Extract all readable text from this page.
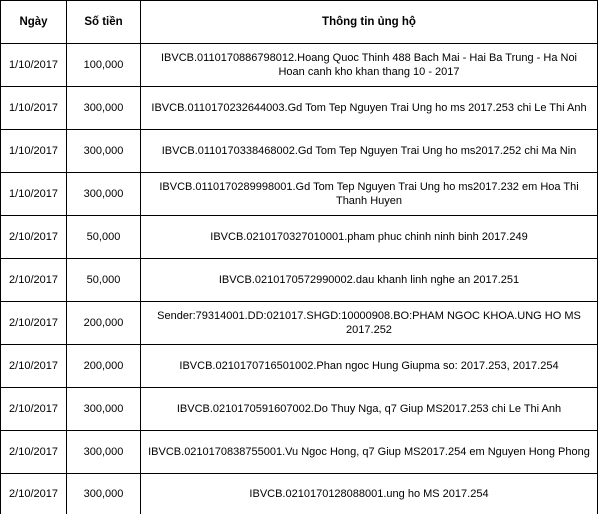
Ngày	Số tiền	Thông tin ủng hộ
1/10/2017	100,000	IBVCB.0110170886798012.Hoang Quoc Thinh 488 Bach Mai - Hai Ba Trung - Ha Noi Hoan canh kho khan thang 10 - 2017
1/10/2017	300,000	IBVCB.0110170232644003.Gd Tom Tep Nguyen Trai Ung ho ms 2017.253 chi Le Thi Anh
1/10/2017	300,000	IBVCB.0110170338468002.Gd Tom Tep Nguyen Trai Ung ho ms2017.252 chi Ma Nin
1/10/2017	300,000	IBVCB.0110170289998001.Gd Tom Tep Nguyen Trai Ung ho ms2017.232 em Hoa Thi Thanh Huyen
2/10/2017	50,000	IBVCB.0210170327010001.pham phuc chinh ninh binh 2017.249
2/10/2017	50,000	IBVCB.0210170572990002.dau khanh linh nghe an 2017.251
2/10/2017	200,000	Sender:79314001.DD:021017.SHGD:10000908.BO:PHAM NGOC KHOA.UNG HO MS 2017.252
2/10/2017	200,000	IBVCB.0210170716501002.Phan ngoc Hung Giupma so: 2017.253, 2017.254
2/10/2017	300,000	IBVCB.0210170591607002.Do Thuy Nga, q7 Giup MS2017.253 chi Le Thi Anh
2/10/2017	300,000	IBVCB.0210170838755001.Vu Ngoc Hong, q7 Giup MS2017.254 em Nguyen Hong Phong
2/10/2017	300,000	IBVCB.0210170128088001.ung ho MS 2017.254
